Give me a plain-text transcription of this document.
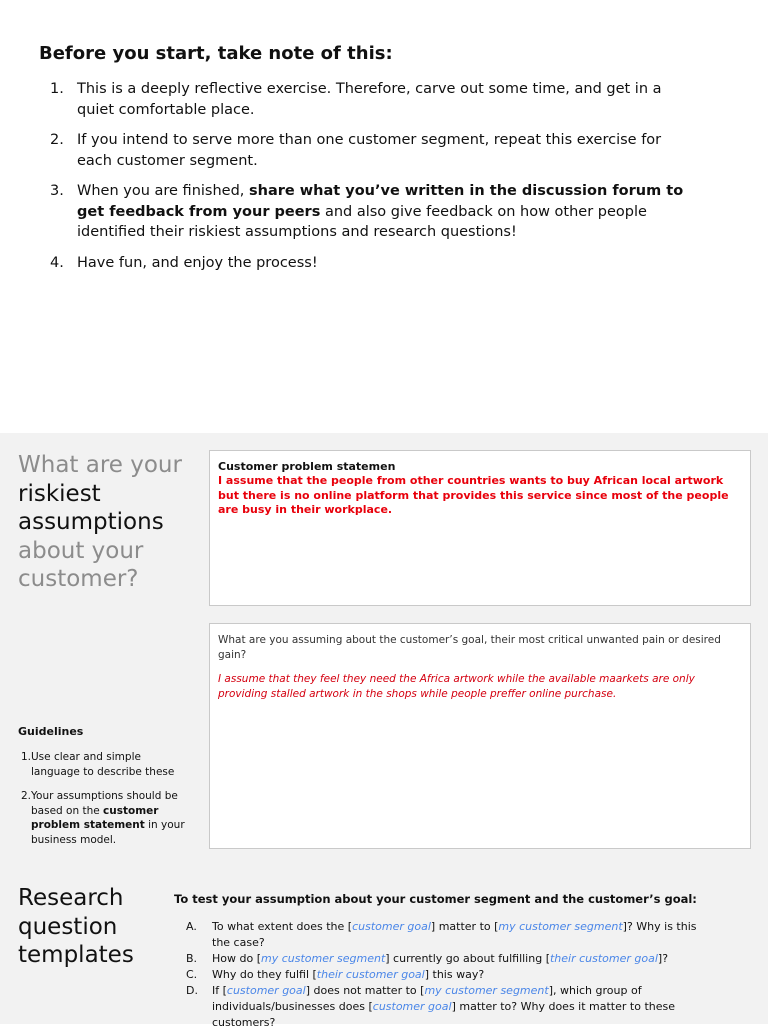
Before you start, take note of this:
1. This is a deeply reflective exercise. Therefore, carve out some time, and get in a quiet comfortable place.
2. If you intend to serve more than one customer segment, repeat this exercise for each customer segment.
3. When you are finished, share what you’ve written in the discussion forum to get feedback from your peers and also give feedback on how other people identified their riskiest assumptions and research questions!
4. Have fun, and enjoy the process!
What are your
riskiest
assumptions
about your
customer?
Customer problem statemen
I assume that the people from other countries wants to buy African local artwork but there is no online platform that provides this service since most of the people are busy in their workplace.
What are you assuming about the customer’s goal, their most critical unwanted pain or desired gain?
I assume that they feel they need the Africa artwork while the available maarkets are only providing stalled artwork in the shops while people preffer online purchase.
Guidelines
1. Use clear and simple language to describe these
2. Your assumptions should be based on the customer problem statement in your business model.
Research question templates
To test your assumption about your customer segment and the customer’s goal:
A. To what extent does the [customer goal] matter to [my customer segment]? Why is this the case?
B. How do [my customer segment] currently go about fulfilling [their customer goal]?
C. Why do they fulfil [their customer goal] this way?
D. If [customer goal] does not matter to [my customer segment], which group of individuals/businesses does [customer goal] matter to? Why does it matter to these customers?
